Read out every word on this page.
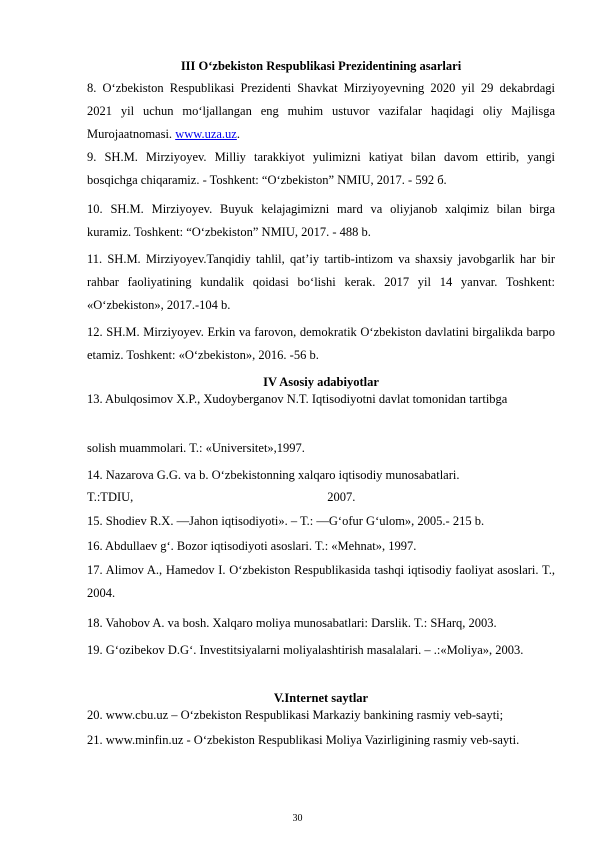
III O‘zbekiston Respublikasi Prezidentining asarlari

8. O‘zbekiston Respublikasi Prezidenti Shavkat Mirziyoyevning 2020 yil 29 dekabrdagi 2021 yil uchun mo‘ljallangan eng muhim ustuvor vazifalar haqidagi oliy Majlisga Murojaatnomasi. www.uza.uz.

9. SH.M. Mirziyoyev. Milliy tarakkiyot yulimizni katiyat bilan davom ettirib, yangi bosqichga chiqaramiz. - Toshkent: “O‘zbekiston” NMIU, 2017. - 592 б.

10. SH.M. Mirziyoyev. Buyuk kelajagimizni mard va oliyjanob xalqimiz bilan birga kuramiz. Toshkent: “O‘zbekiston” NMIU, 2017. - 488 b.

11. SH.M. Mirziyoyev.Tanqidiy tahlil, qat’iy tartib-intizom va shaxsiy javobgarlik har bir rahbar faoliyatining kundalik qoidasi bo‘lishi kerak. 2017 yil 14 yanvar. Toshkent: «O‘zbekiston», 2017.-104 b.

12. SH.M. Mirziyoyev. Erkin va farovon, demokratik O‘zbekiston davlatini birgalikda barpo etamiz. Toshkent: «O‘zbekiston», 2016. -56 b.

IV Asosiy adabiyotlar

13. Abulqosimov X.P., Xudoyberganov N.T. Iqtisodiyotni davlat tomonidan tartibga

solish muammolari. T.: «Universitet»,1997.

14. Nazarova G.G. va b. O‘zbekistonning xalqaro iqtisodiy munosabatlari.

T.:TDIU,	2007.

15. Shodiev R.X. ―Jahon iqtisodiyoti». – T.: ―G‘ofur G‘ulom», 2005.- 215 b.

16. Abdullaev g‘. Bozor iqtisodiyoti asoslari. T.: «Mehnat», 1997.

17. Alimov A., Hamedov I. O‘zbekiston Respublikasida tashqi iqtisodiy faoliyat asoslari. T., 2004.

18. Vahobov A. va bosh. Xalqaro moliya munosabatlari: Darslik. T.: SHarq, 2003.

19. G‘ozibekov D.G‘. Investitsiyalarni moliyalashtirish masalalari. – .:«Moliya», 2003.

V.Internet saytlar

20. www.cbu.uz – O‘zbekiston Respublikasi Markaziy bankining rasmiy veb-sayti;

21. www.minfin.uz - O‘zbekiston Respublikasi Moliya Vazirligining rasmiy veb-sayti.

30
